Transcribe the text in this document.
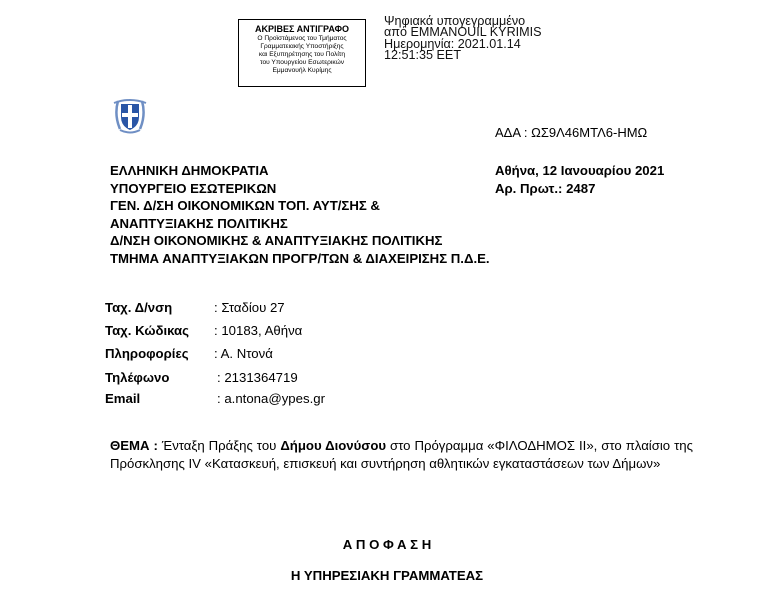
ΑΚΡΙΒΕΣ ΑΝΤΙΓΡΑΦΟ
Ο Προϊστάμενος του Τμήματος
Γραμματειακής Υποστήριξης
και Εξυπηρέτησης του Πολίτη
του Υπουργείου Εσωτερικών
Εμμανουήλ Κυρίμης
Ψηφιακά υπογεγραμμένο
από EMMANOUIL KYRIMIS
Ημερομηνία: 2021.01.14
12:51:35 EET
ΑΔΑ : ΩΣ9Λ46ΜΤΛ6-ΗΜΩ
ΕΛΛΗΝΙΚΗ ΔΗΜΟΚΡΑΤΙΑ
ΥΠΟΥΡΓΕΙΟ ΕΣΩΤΕΡΙΚΩΝ
ΓΕΝ. Δ/ΣΗ ΟΙΚΟΝΟΜΙΚΩΝ ΤΟΠ. ΑΥΤ/ΣΗΣ &
ΑΝΑΠΤΥΞΙΑΚΗΣ ΠΟΛΙΤΙΚΗΣ
Δ/ΝΣΗ ΟΙΚΟΝΟΜΙΚΗΣ & ΑΝΑΠΤΥΞΙΑΚΗΣ ΠΟΛΙΤΙΚΗΣ
ΤΜΗΜΑ ΑΝΑΠΤΥΞΙΑΚΩΝ ΠΡΟΓΡ/ΤΩΝ & ΔΙΑΧΕΙΡΙΣΗΣ Π.Δ.Ε.
Αθήνα, 12 Ιανουαρίου 2021
Αρ. Πρωτ.: 2487
Ταχ. Δ/νση	: Σταδίου 27
Ταχ. Κώδικας : 10183, Αθήνα
Πληροφορίες : Α. Ντονά
Τηλέφωνο	: 2131364719
Email	: a.ntona@ypes.gr
ΘΕΜΑ : Ένταξη Πράξης του Δήμου Διονύσου στο Πρόγραμμα «ΦΙΛΟΔΗΜΟΣ ΙΙ», στο πλαίσιο της Πρόσκλησης IV «Κατασκευή, επισκευή και συντήρηση αθλητικών εγκαταστάσεων των Δήμων»
Α Π Ο Φ Α Σ Η
Η ΥΠΗΡΕΣΙΑΚΗ ΓΡΑΜΜΑΤΕΑΣ
